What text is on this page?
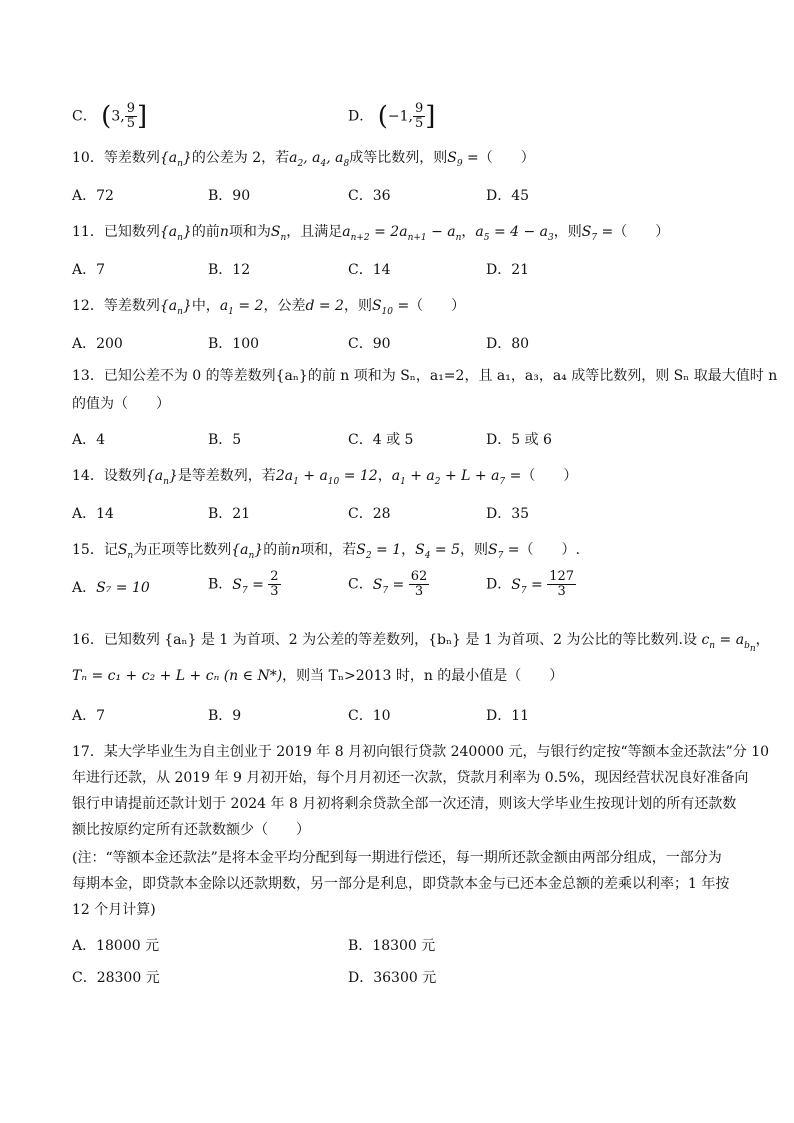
C． (3, $\frac{9}{5}$ ]	D． (−1, $\frac{9}{5}$ ]
10．等差数列$\{a_n\}$的公差为 2，若$a_2$, $a_4$, $a_8$成等比数列，则$S_9$ =（　　）
A．72	B．90	C．36	D．45
11．已知数列$\{a_n\}$的前n项和为$S_n$，且满足$a_{n+2} = 2a_{n+1} - a_n$，$a_5 = 4 - a_3$，则$S_7$ =（　　）
A．7	B．12	C．14	D．21
12．等差数列$\{a_n\}$中，$a_1 = 2$，公差d = 2，则$S_{10}$ =（　　）
A．200	B．100	C．90	D．80
13．已知公差不为 0 的等差数列{aₙ}的前 n 项和为 Sₙ，a₁=2，且 a₁，a₃，a₄ 成等比数列，则 Sₙ 取最大值时 n
的值为（　　）
A．4	B．5	C．4 或 5	D．5 或 6
14．设数列$\{a_n\}$是等差数列，若$2a_1 + a_{10} = 12$，$a_1 + a_2 + L + a_7$ =（　　）
A．14	B．21	C．28	D．35
15．记$S_n$为正项等比数列$\{a_n\}$的前n项和，若$S_2 = 1$，$S_4 = 5$，则$S_7$ =（　　）.
A．S₇ = 10	B．$S_7 = \frac{2}{3}$	C．$S_7 = \frac{62}{3}$	D．$S_7 = \frac{127}{3}$
16．已知数列 {aₙ} 是 1 为首项、2 为公差的等差数列，{bₙ} 是 1 为首项、2 为公比的等比数列.设 $c_n = a_{b_n}$，
Tₙ = c₁ + c₂ + L + cₙ (n ∈ N*)，则当 Tₙ>2013 时，n 的最小值是（　　）
A．7	B．9	C．10	D．11
17．某大学毕业生为自主创业于 2019 年 8 月初向银行贷款 240000 元，与银行约定按“等额本金还款法”分 10
年进行还款，从 2019 年 9 月初开始，每个月月初还一次款，贷款月利率为 0.5%，现因经营状况良好准备向
银行申请提前还款计划于 2024 年 8 月初将剩余贷款全部一次还清，则该大学毕业生按现计划的所有还款数
额比按原约定所有还款数额少（　　）
(注：“等额本金还款法”是将本金平均分配到每一期进行偿还，每一期所还款金额由两部分组成，一部分为
每期本金，即贷款本金除以还款期数，另一部分是利息，即贷款本金与已还本金总额的差乘以利率；1 年按
12 个月计算)
A．18000 元	B．18300 元
C．28300 元	D．36300 元
